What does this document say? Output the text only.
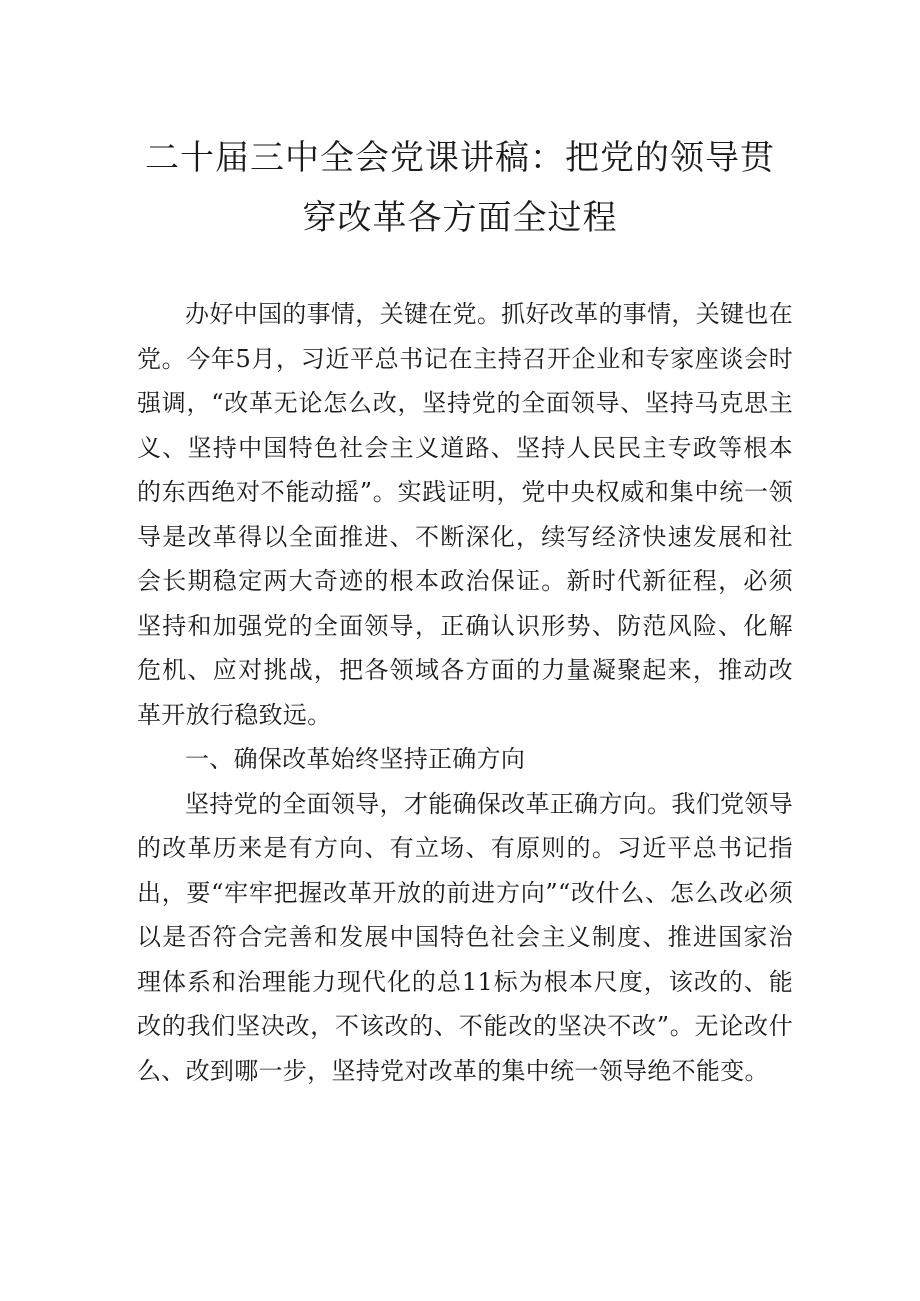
二十届三中全会党课讲稿：把党的领导贯
穿改革各方面全过程

办好中国的事情，关键在党。抓好改革的事情，关键也在党。今年5月，习近平总书记在主持召开企业和专家座谈会时强调，“改革无论怎么改，坚持党的全面领导、坚持马克思主义、坚持中国特色社会主义道路、坚持人民民主专政等根本的东西绝对不能动摇”。实践证明，党中央权威和集中统一领导是改革得以全面推进、不断深化，续写经济快速发展和社会长期稳定两大奇迹的根本政治保证。新时代新征程，必须坚持和加强党的全面领导，正确认识形势、防范风险、化解危机、应对挑战，把各领域各方面的力量凝聚起来，推动改革开放行稳致远。

一、确保改革始终坚持正确方向

坚持党的全面领导，才能确保改革正确方向。我们党领导的改革历来是有方向、有立场、有原则的。习近平总书记指出，要“牢牢把握改革开放的前进方向”“改什么、怎么改必须以是否符合完善和发展中国特色社会主义制度、推进国家治理体系和治理能力现代化的总11标为根本尺度，该改的、能改的我们坚决改，不该改的、不能改的坚决不改”。无论改什么、改到哪一步，坚持党对改革的集中统一领导绝不能变。
